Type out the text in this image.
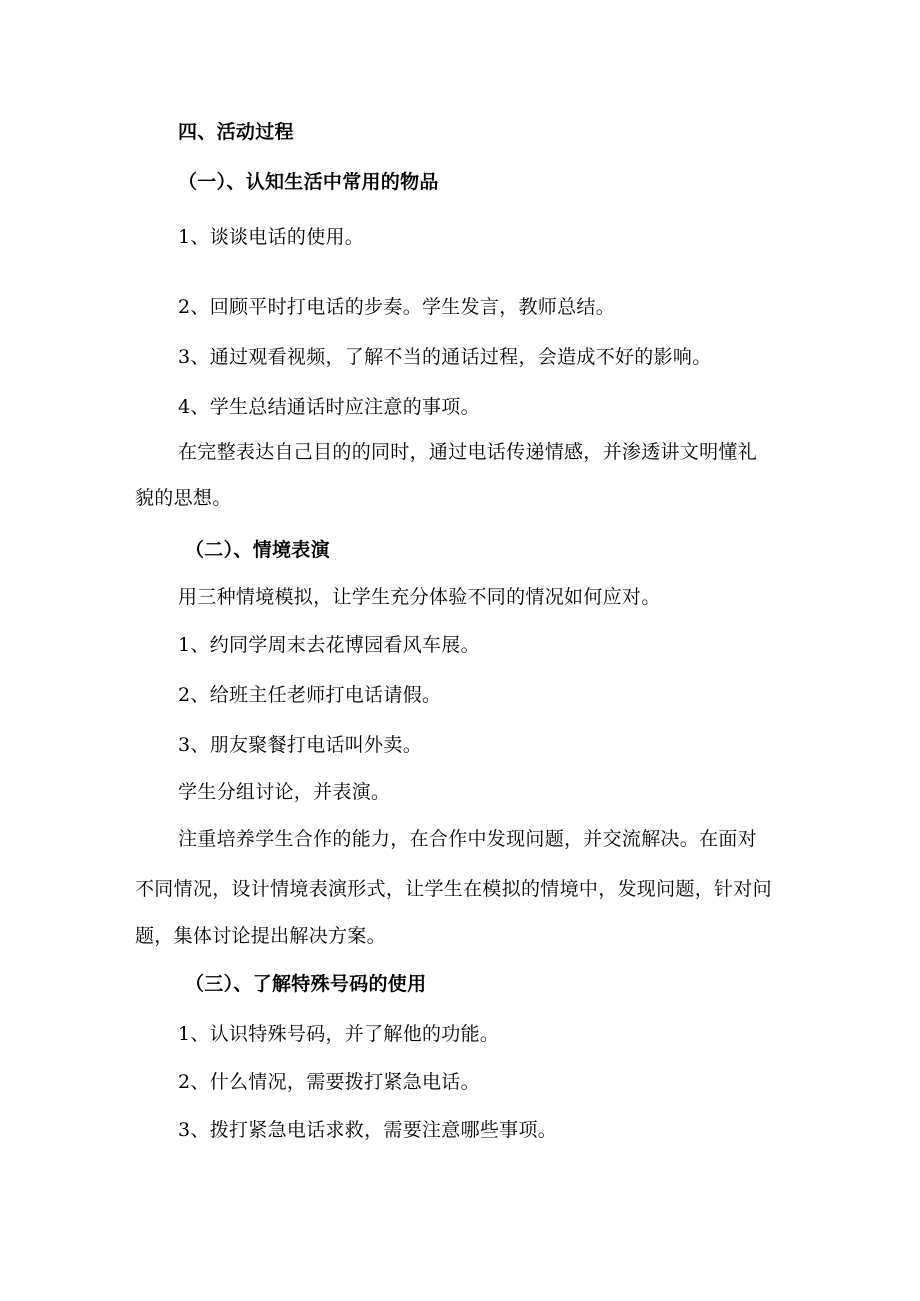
四、活动过程
（一）、认知生活中常用的物品
1、谈谈电话的使用。
2、回顾平时打电话的步奏。学生发言，教师总结。
3、通过观看视频，了解不当的通话过程，会造成不好的影响。
4、学生总结通话时应注意的事项。
在完整表达自己目的的同时，通过电话传递情感，并渗透讲文明懂礼
貌的思想。
（二）、情境表演
用三种情境模拟，让学生充分体验不同的情况如何应对。
1、约同学周末去花博园看风车展。
2、给班主任老师打电话请假。
3、朋友聚餐打电话叫外卖。
学生分组讨论，并表演。
注重培养学生合作的能力，在合作中发现问题，并交流解决。在面对
不同情况，设计情境表演形式，让学生在模拟的情境中，发现问题，针对问
题，集体讨论提出解决方案。
（三）、了解特殊号码的使用
1、认识特殊号码，并了解他的功能。
2、什么情况，需要拨打紧急电话。
3、拨打紧急电话求救，需要注意哪些事项。
